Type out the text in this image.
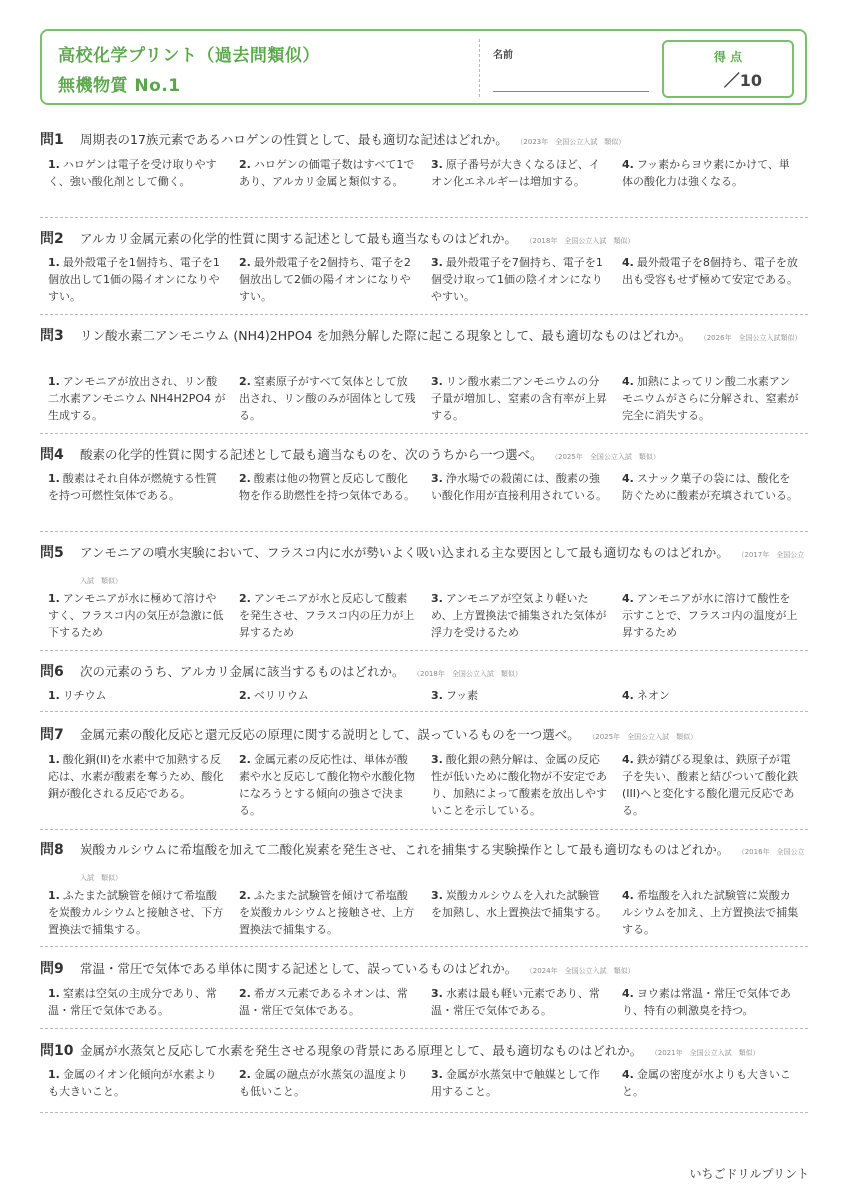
高校化学プリント（過去問類似）
無機物質 No.1
名前	得 点
／10
問1 周期表の17族元素であるハロゲンの性質として、最も適切な記述はどれか。 （2023年　全国公立入試　類似）
1. ハロゲンは電子を受け取りやすく、強い酸化剤として働く。
2. ハロゲンの価電子数はすべて1であり、アルカリ金属と類似する。
3. 原子番号が大きくなるほど、イオン化エネルギーは増加する。
4. フッ素からヨウ素にかけて、単体の酸化力は強くなる。
問2 アルカリ金属元素の化学的性質に関する記述として最も適当なものはどれか。 （2018年　全国公立入試　類似）
1. 最外殻電子を1個持ち、電子を1個放出して1価の陽イオンになりやすい。
2. 最外殻電子を2個持ち、電子を2個放出して2価の陽イオンになりやすい。
3. 最外殻電子を7個持ち、電子を1個受け取って1価の陰イオンになりやすい。
4. 最外殻電子を8個持ち、電子を放出も受容もせず極めて安定である。
問3 リン酸水素二アンモニウム (NH4)2HPO4 を加熱分解した際に起こる現象として、最も適切なものはどれか。 （2026年　全国公立入試類似）
1. アンモニアが放出され、リン酸二水素アンモニウム NH4H2PO4 が生成する。
2. 窒素原子がすべて気体として放出され、リン酸のみが固体として残る。
3. リン酸水素二アンモニウムの分子量が増加し、窒素の含有率が上昇する。
4. 加熱によってリン酸二水素アンモニウムがさらに分解され、窒素が完全に消失する。
問4 酸素の化学的性質に関する記述として最も適当なものを、次のうちから一つ選べ。 （2025年　全国公立入試　類似）
1. 酸素はそれ自体が燃焼する性質を持つ可燃性気体である。
2. 酸素は他の物質と反応して酸化物を作る助燃性を持つ気体である。
3. 浄水場での殺菌には、酸素の強い酸化作用が直接利用されている。
4. スナック菓子の袋には、酸化を防ぐために酸素が充填されている。
問5 アンモニアの噴水実験において、フラスコ内に水が勢いよく吸い込まれる主な要因として最も適切なものはどれか。 （2017年　全国公立入試　類似）
1. アンモニアが水に極めて溶けやすく、フラスコ内の気圧が急激に低下するため
2. アンモニアが水と反応して酸素を発生させ、フラスコ内の圧力が上昇するため
3. アンモニアが空気より軽いため、上方置換法で捕集された気体が浮力を受けるため
4. アンモニアが水に溶けて酸性を示すことで、フラスコ内の温度が上昇するため
問6 次の元素のうち、アルカリ金属に該当するものはどれか。 （2018年　全国公立入試　類似）
1. リチウム	2. ベリリウム	3. フッ素	4. ネオン
問7 金属元素の酸化反応と還元反応の原理に関する説明として、誤っているものを一つ選べ。 （2025年　全国公立入試　類似）
1. 酸化銅(II)を水素中で加熱する反応は、水素が酸素を奪うため、酸化銅が酸化される反応である。
2. 金属元素の反応性は、単体が酸素や水と反応して酸化物や水酸化物になろうとする傾向の強さで決まる。
3. 酸化銀の熱分解は、金属の反応性が低いために酸化物が不安定であり、加熱によって酸素を放出しやすいことを示している。
4. 鉄が錆びる現象は、鉄原子が電子を失い、酸素と結びついて酸化鉄(III)へと変化する酸化還元反応である。
問8 炭酸カルシウムに希塩酸を加えて二酸化炭素を発生させ、これを捕集する実験操作として最も適切なものはどれか。 （2016年　全国公立入試　類似）
1. ふたまた試験管を傾けて希塩酸を炭酸カルシウムと接触させ、下方置換法で捕集する。
2. ふたまた試験管を傾けて希塩酸を炭酸カルシウムと接触させ、上方置換法で捕集する。
3. 炭酸カルシウムを入れた試験管を加熱し、水上置換法で捕集する。
4. 希塩酸を入れた試験管に炭酸カルシウムを加え、上方置換法で捕集する。
問9 常温・常圧で気体である単体に関する記述として、誤っているものはどれか。 （2024年　全国公立入試　類似）
1. 窒素は空気の主成分であり、常温・常圧で気体である。
2. 希ガス元素であるネオンは、常温・常圧で気体である。
3. 水素は最も軽い元素であり、常温・常圧で気体である。
4. ヨウ素は常温・常圧で気体であり、特有の刺激臭を持つ。
問10 金属が水蒸気と反応して水素を発生させる現象の背景にある原理として、最も適切なものはどれか。 （2021年　全国公立入試　類似）
1. 金属のイオン化傾向が水素よりも大きいこと。
2. 金属の融点が水蒸気の温度よりも低いこと。
3. 金属が水蒸気中で触媒として作用すること。
4. 金属の密度が水よりも大きいこと。
いちごドリルプリント
